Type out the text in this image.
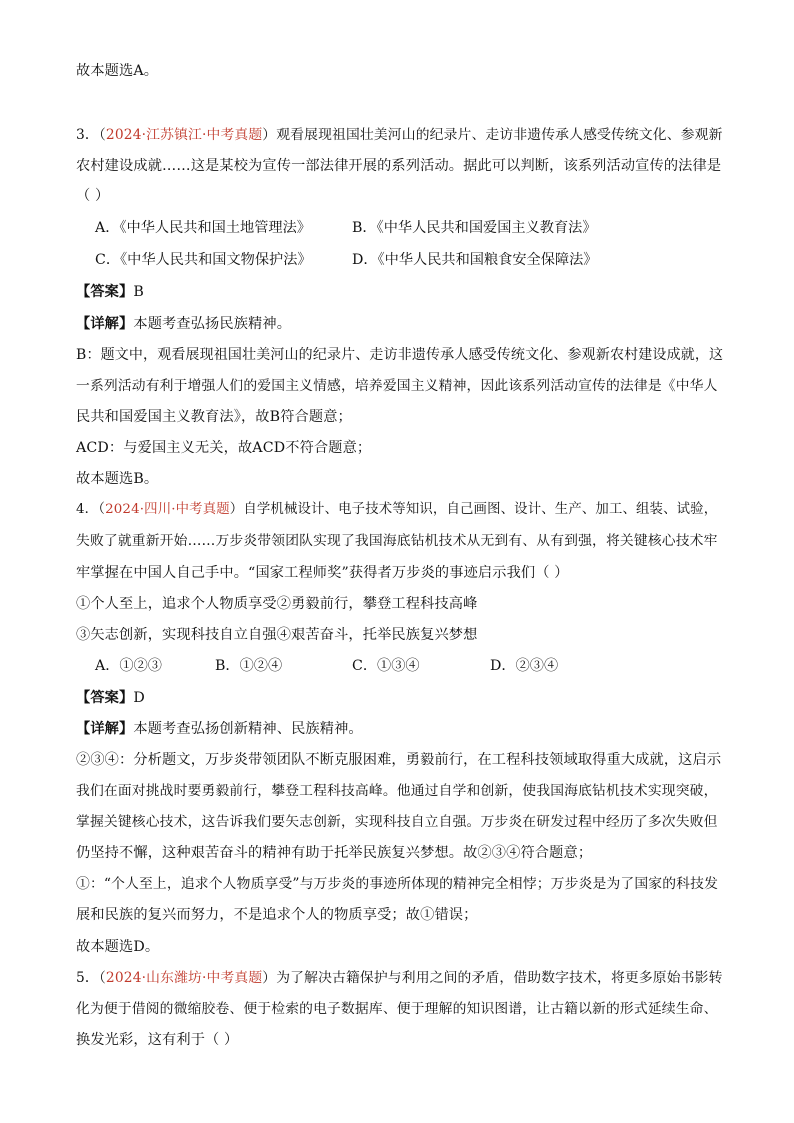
故本题选A。
3．（2024·江苏镇江·中考真题）观看展现祖国壮美河山的纪录片、走访非遗传承人感受传统文化、参观新
农村建设成就……这是某校为宣传一部法律开展的系列活动。据此可以判断，该系列活动宣传的法律是
（ ）
A．《中华人民共和国土地管理法》	B．《中华人民共和国爱国主义教育法》
C．《中华人民共和国文物保护法》	D．《中华人民共和国粮食安全保障法》
【答案】B
【详解】本题考查弘扬民族精神。
B：题文中，观看展现祖国壮美河山的纪录片、走访非遗传承人感受传统文化、参观新农村建设成就，这
一系列活动有利于增强人们的爱国主义情感，培养爱国主义精神，因此该系列活动宣传的法律是《中华人
民共和国爱国主义教育法》，故B符合题意；
ACD：与爱国主义无关，故ACD不符合题意；
故本题选B。
4．（2024·四川·中考真题）自学机械设计、电子技术等知识，自己画图、设计、生产、加工、组装、试验，
失败了就重新开始……万步炎带领团队实现了我国海底钻机技术从无到有、从有到强，将关键核心技术牢
牢掌握在中国人自己手中。“国家工程师奖”获得者万步炎的事迹启示我们（ ）
①个人至上，追求个人物质享受②勇毅前行，攀登工程科技高峰
③矢志创新，实现科技自立自强④艰苦奋斗，托举民族复兴梦想
A．①②③	B．①②④	C．①③④	D．②③④
【答案】D
【详解】本题考查弘扬创新精神、民族精神。
②③④：分析题文，万步炎带领团队不断克服困难，勇毅前行，在工程科技领域取得重大成就，这启示
我们在面对挑战时要勇毅前行，攀登工程科技高峰。他通过自学和创新，使我国海底钻机技术实现突破，
掌握关键核心技术，这告诉我们要矢志创新，实现科技自立自强。万步炎在研发过程中经历了多次失败但
仍坚持不懈，这种艰苦奋斗的精神有助于托举民族复兴梦想。故②③④符合题意；
①：“个人至上，追求个人物质享受”与万步炎的事迹所体现的精神完全相悖；万步炎是为了国家的科技发
展和民族的复兴而努力，不是追求个人的物质享受；故①错误；
故本题选D。
5．（2024·山东潍坊·中考真题）为了解决古籍保护与利用之间的矛盾，借助数字技术，将更多原始书影转
化为便于借阅的微缩胶卷、便于检索的电子数据库、便于理解的知识图谱，让古籍以新的形式延续生命、
换发光彩，这有利于（ ）
